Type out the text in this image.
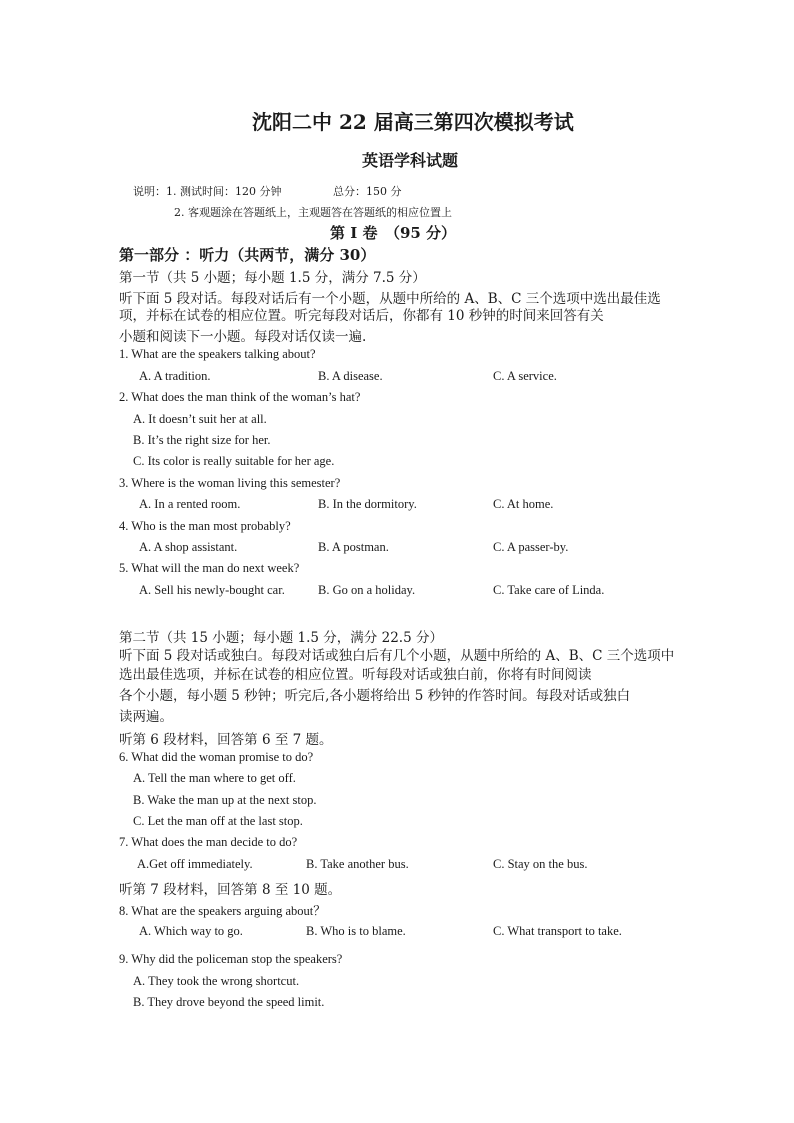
沈阳二中 22 届高三第四次模拟考试
英语学科试题
说明：1. 测试时间：120 分钟	总分：150 分
2. 客观题涂在答题纸上，主观题答在答题纸的相应位置上
第 I 卷　（95 分）
第一部分 ：听力（共两节，满分 30）
第一节（共 5 小题；每小题 1.5 分，满分 7.5 分）
听下面 5 段对话。每段对话后有一个小题，从题中所给的 A、B、C 三个选项中选出最佳选
项，并标在试卷的相应位置。听完每段对话后，你都有 10 秒钟的时间来回答有关
小题和阅读下一小题。每段对话仅读一遍.
1. What are the speakers talking about?
A. A tradition.	B. A disease.	C. A service.
2. What does the man think of the woman’s hat?
A. It doesn’t suit her at all.
B. It’s the right size for her.
C. Its color is really suitable for her age.
3. Where is the woman living this semester?
A. In a rented room.	B. In the dormitory.	C. At home.
4. Who is the man most probably?
A. A shop assistant.	B. A postman.	C. A passer-by.
5. What will the man do next week?
A. Sell his newly-bought car.	B. Go on a holiday.	C. Take care of Linda.
第二节（共 15 小题；每小题 1.5 分，满分 22.5 分）
听下面 5 段对话或独白。每段对话或独白后有几个小题，从题中所给的 A、B、C 三个选项中
选出最佳选项，并标在试卷的相应位置。听每段对话或独白前，你将有时间阅读
各个小题，每小题 5 秒钟；听完后,各小题将给出 5 秒钟的作答时间。每段对话或独白
读两遍。
听第 6 段材料，回答第 6 至 7 题。
6. What did the woman promise to do?
A. Tell the man where to get off.
B. Wake the man up at the next stop.
C. Let the man off at the last stop.
7. What does the man decide to do?
A.Get off immediately.	B. Take another bus.	C. Stay on the bus.
听第 7 段材料，回答第 8 至 10 题。
8. What are the speakers arguing about？
A. Which way to go.	B. Who is to blame.	C. What transport to take.
9. Why did the policeman stop the speakers?
A. They took the wrong shortcut.
B. They drove beyond the speed limit.
